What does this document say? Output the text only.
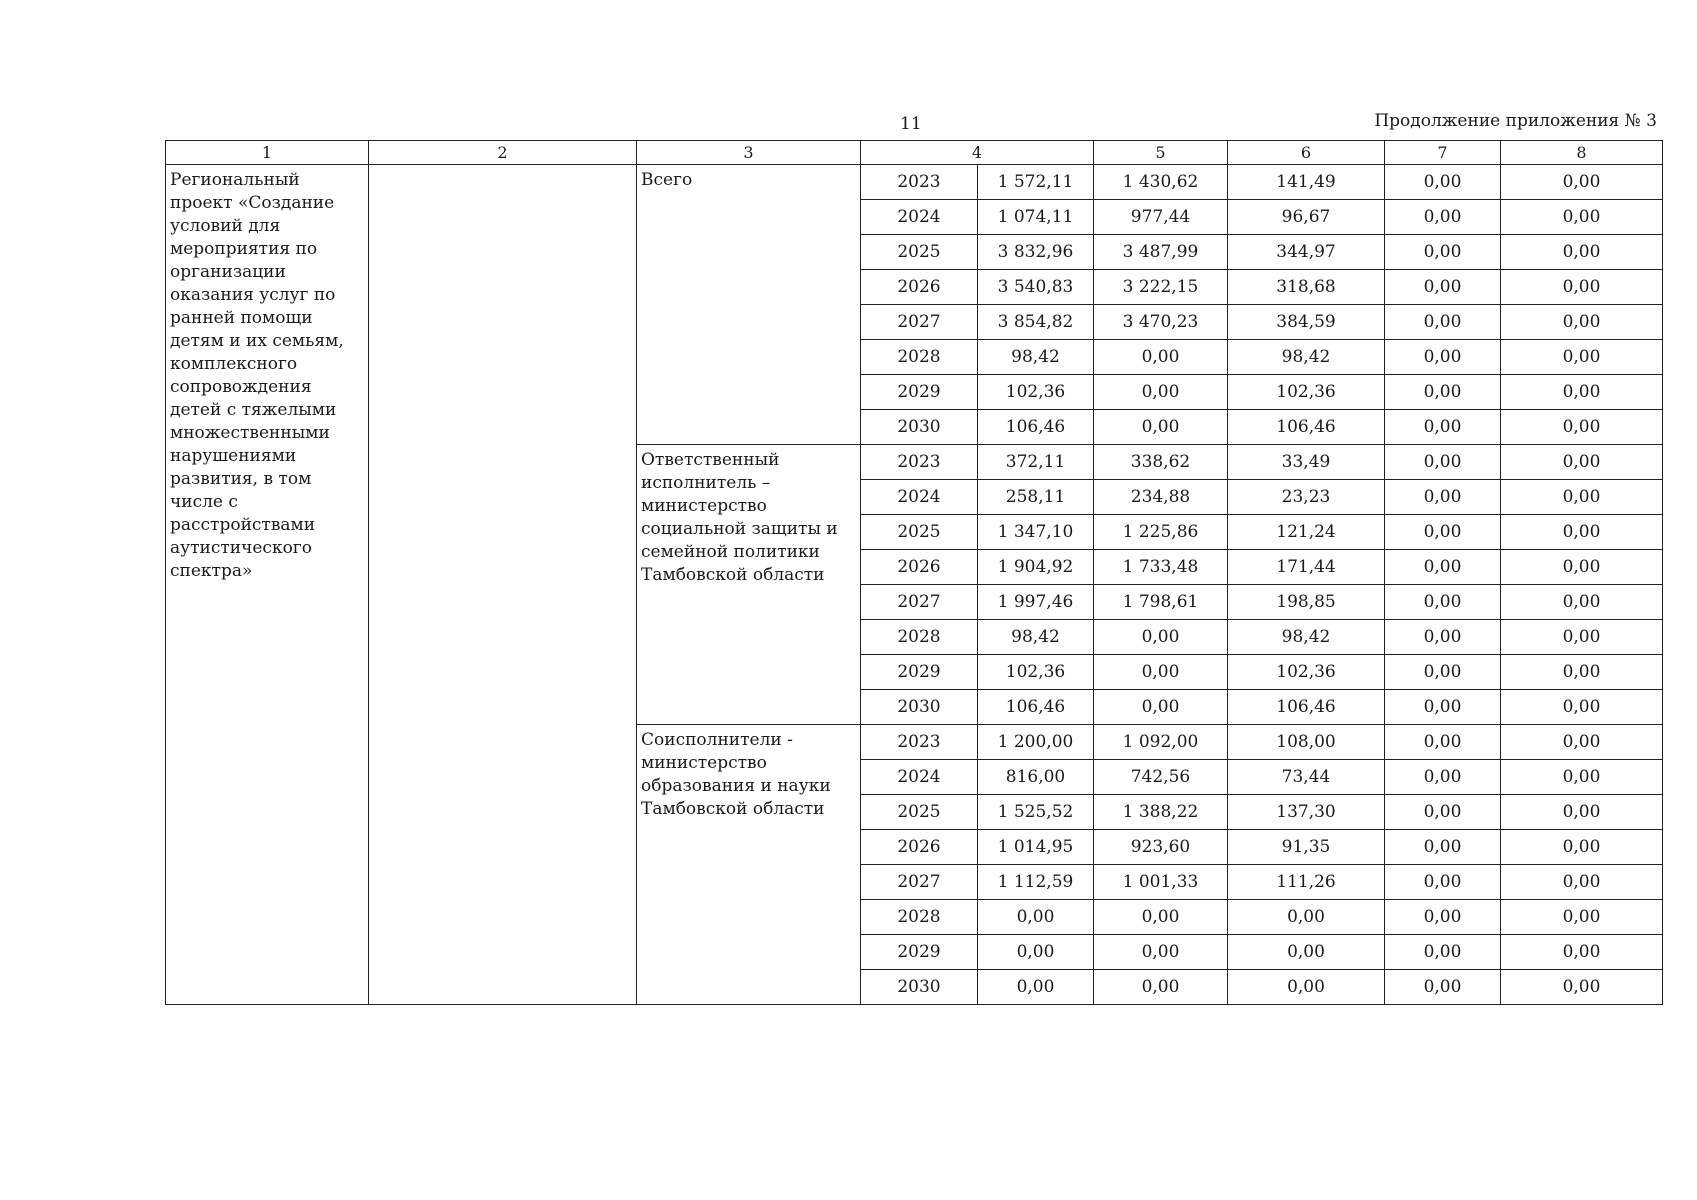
11	Продолжение приложения № 3
1	2	3	4		5	6	7	8
Региональный проект «Создание условий для мероприятия по организации оказания услуг по ранней помощи детям и их семьям, комплексного сопровождения детей с тяжелыми множественными нарушениями развития, в том числе с расстройствами аутистического спектра»		Всего	2023	1 572,11	1 430,62	141,49	0,00	0,00
			2024	1 074,11	977,44	96,67	0,00	0,00
			2025	3 832,96	3 487,99	344,97	0,00	0,00
			2026	3 540,83	3 222,15	318,68	0,00	0,00
			2027	3 854,82	3 470,23	384,59	0,00	0,00
			2028	98,42	0,00	98,42	0,00	0,00
			2029	102,36	0,00	102,36	0,00	0,00
			2030	106,46	0,00	106,46	0,00	0,00
		Ответственный исполнитель – министерство социальной защиты и семейной политики Тамбовской области	2023	372,11	338,62	33,49	0,00	0,00
			2024	258,11	234,88	23,23	0,00	0,00
			2025	1 347,10	1 225,86	121,24	0,00	0,00
			2026	1 904,92	1 733,48	171,44	0,00	0,00
			2027	1 997,46	1 798,61	198,85	0,00	0,00
			2028	98,42	0,00	98,42	0,00	0,00
			2029	102,36	0,00	102,36	0,00	0,00
			2030	106,46	0,00	106,46	0,00	0,00
		Соисполнители - министерство образования и науки Тамбовской области	2023	1 200,00	1 092,00	108,00	0,00	0,00
			2024	816,00	742,56	73,44	0,00	0,00
			2025	1 525,52	1 388,22	137,30	0,00	0,00
			2026	1 014,95	923,60	91,35	0,00	0,00
			2027	1 112,59	1 001,33	111,26	0,00	0,00
			2028	0,00	0,00	0,00	0,00	0,00
			2029	0,00	0,00	0,00	0,00	0,00
			2030	0,00	0,00	0,00	0,00	0,00
